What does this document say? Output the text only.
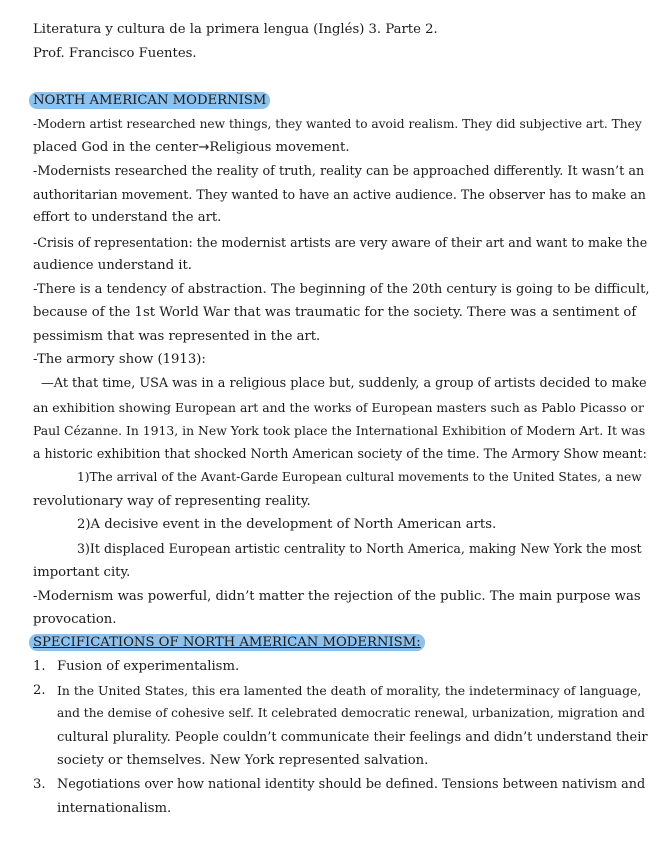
Literatura y cultura de la primera lengua (Inglés) 3. Parte 2.
Prof. Francisco Fuentes.
NORTH AMERICAN MODERNISM
-Modern artist researched new things, they wanted to avoid realism. They did subjective art. They
placed God in the center→Religious movement.
-Modernists researched the reality of truth, reality can be approached differently. It wasn’t an
authoritarian movement. They wanted to have an active audience. The observer has to make an
effort to understand the art.
-Crisis of representation: the modernist artists are very aware of their art and want to make the
audience understand it.
-There is a tendency of abstraction. The beginning of the 20th century is going to be difficult,
because of the 1st World War that was traumatic for the society. There was a sentiment of
pessimism that was represented in the art.
-The armory show (1913):
—At that time, USA was in a religious place but, suddenly, a group of artists decided to make
an exhibition showing European art and the works of European masters such as Pablo Picasso or
Paul Cézanne. In 1913, in New York took place the International Exhibition of Modern Art. It was
a historic exhibition that shocked North American society of the time. The Armory Show meant:
1)The arrival of the Avant-Garde European cultural movements to the United States, a new
revolutionary way of representing reality.
2)A decisive event in the development of North American arts.
3)It displaced European artistic centrality to North America, making New York the most
important city.
-Modernism was powerful, didn’t matter the rejection of the public. The main purpose was
provocation.
SPECIFICATIONS OF NORTH AMERICAN MODERNISM:
1. Fusion of experimentalism.
2. In the United States, this era lamented the death of morality, the indeterminacy of language,
and the demise of cohesive self. It celebrated democratic renewal, urbanization, migration and
cultural plurality. People couldn’t communicate their feelings and didn’t understand their
society or themselves. New York represented salvation.
3. Negotiations over how national identity should be defined. Tensions between nativism and
internationalism.
